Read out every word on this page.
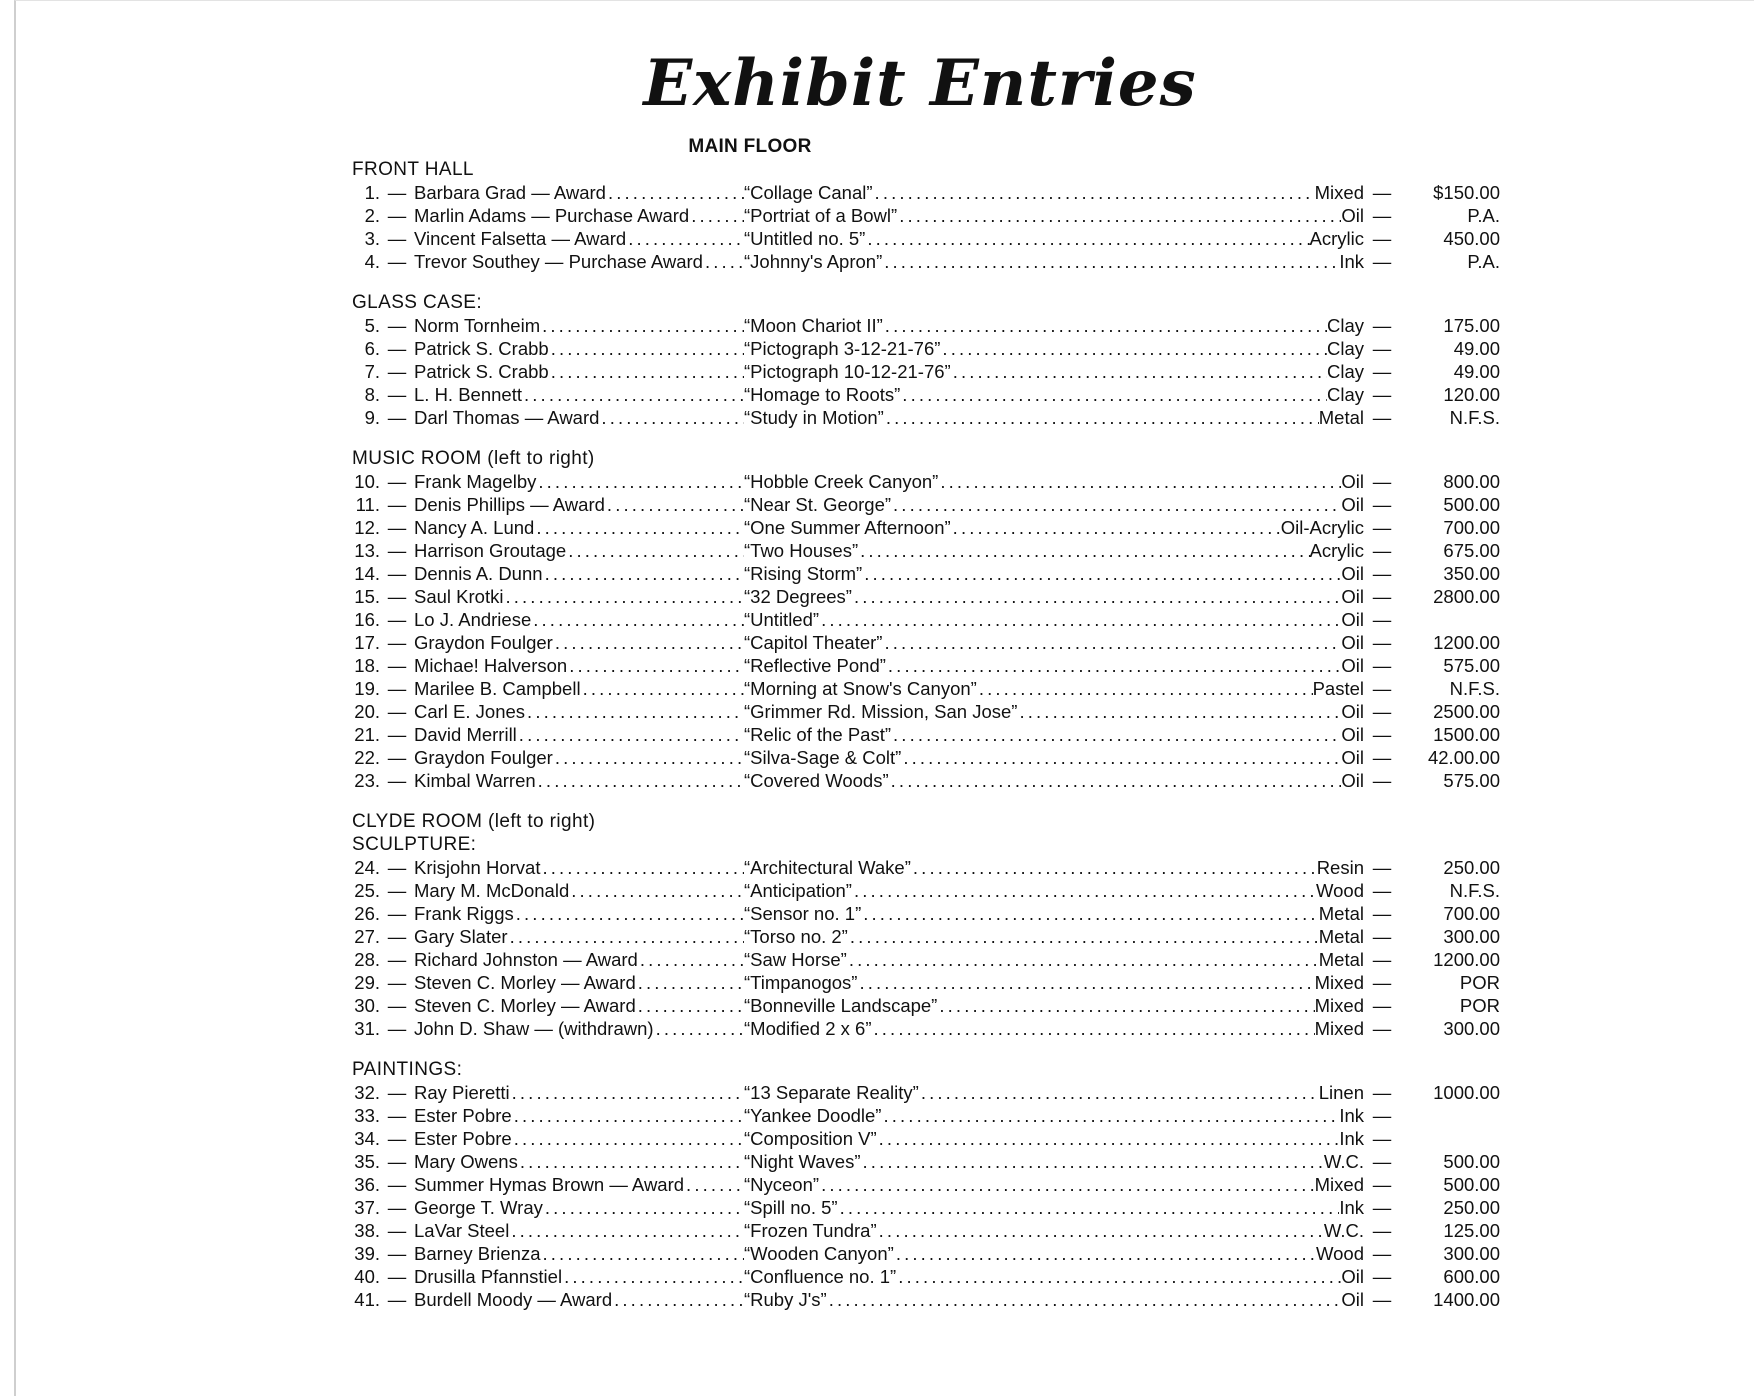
Exhibit Entries
MAIN FLOOR
FRONT HALL
1. — Barbara Grad — Award . . .	“Collage Canal” . . .	Mixed —	$150.00
2. — Marlin Adams — Purchase Award . . .	“Portriat of a Bowl” . . .	Oil —	P.A.
3. — Vincent Falsetta — Award . . .	“Untitled no. 5” . . .	Acrylic —	450.00
4. — Trevor Southey — Purchase Award . . . “Johnny's Apron” . . .	Ink —	P.A.
GLASS CASE:
5. — Norm Tornheim . . .	“Moon Chariot II” . . .	Clay —	175.00
6. — Patrick S. Crabb . . .	“Pictograph 3-12-21-76” . . .	Clay —	49.00
7. — Patrick S. Crabb . . .	“Pictograph 10-12-21-76” . . .	Clay —	49.00
8. — L. H. Bennett . . .	“Homage to Roots” . . .	Clay —	120.00
9. — Darl Thomas — Award . . .	“Study in Motion” . . .	Metal —	N.F.S.
MUSIC ROOM (left to right)
10. — Frank Magelby . . .	“Hobble Creek Canyon” . . .	Oil —	800.00
11. — Denis Phillips — Award . . .	“Near St. George” . . .	Oil —	500.00
12. — Nancy A. Lund . . .	“One Summer Afternoon” . . .	Oil-Acrylic —	700.00
13. — Harrison Groutage . . .	“Two Houses” . . .	Acrylic —	675.00
14. — Dennis A. Dunn . . .	“Rising Storm” . . .	Oil —	350.00
15. — Saul Krotki . . .	“32 Degrees” . . .	Oil —	2800.00
16. — Lo J. Andriese . . .	“Untitled” . . .	Oil —
17. — Graydon Foulger . . .	“Capitol Theater” . . .	Oil —	1200.00
18. — Michae! Halverson . . .	“Reflective Pond” . . .	Oil —	575.00
19. — Marilee B. Campbell . . .	“Morning at Snow's Canyon” . . .	Pastel —	N.F.S.
20. — Carl E. Jones . . .	“Grimmer Rd. Mission, San Jose” . . .	Oil —	2500.00
21. — David Merrill . . .	“Relic of the Past” . . .	Oil —	1500.00
22. — Graydon Foulger . . .	“Silva-Sage & Colt” . . .	Oil —	42.00.00
23. — Kimbal Warren . . .	“Covered Woods” . . .	Oil —	575.00
CLYDE ROOM (left to right)
SCULPTURE:
24. — Krisjohn Horvat . . .	“Architectural Wake” . . .	Resin —	250.00
25. — Mary M. McDonald . . .	“Anticipation” . . .	Wood —	N.F.S.
26. — Frank Riggs . . .	“Sensor no. 1” . . .	Metal —	700.00
27. — Gary Slater . . .	“Torso no. 2” . . .	Metal —	300.00
28. — Richard Johnston — Award . . .	“Saw Horse” . . .	Metal —	1200.00
29. — Steven C. Morley — Award . . .	“Timpanogos” . . .	Mixed —	POR
30. — Steven C. Morley — Award . . .	“Bonneville Landscape” . . .	Mixed —	POR
31. — John D. Shaw — (withdrawn) . . .	“Modified 2 x 6” . . .	Mixed —	300.00
PAINTINGS:
32. — Ray Pieretti . . .	“13 Separate Reality” . . .	Linen —	1000.00
33. — Ester Pobre . . .	“Yankee Doodle” . . .	Ink —
34. — Ester Pobre . . .	“Composition V” . . .	Ink —
35. — Mary Owens . . .	“Night Waves” . . .	W.C. —	500.00
36. — Summer Hymas Brown — Award . . .	“Nyceon” . . .	Mixed —	500.00
37. — George T. Wray . . .	“Spill no. 5” . . .	Ink —	250.00
38. — LaVar Steel . . .	“Frozen Tundra” . . .	W.C. —	125.00
39. — Barney Brienza . . .	“Wooden Canyon” . . .	Wood —	300.00
40. — Drusilla Pfannstiel . . .	“Confluence no. 1” . . .	Oil —	600.00
41. — Burdell Moody — Award . . .	“Ruby J's” . . .	Oil —	1400.00
